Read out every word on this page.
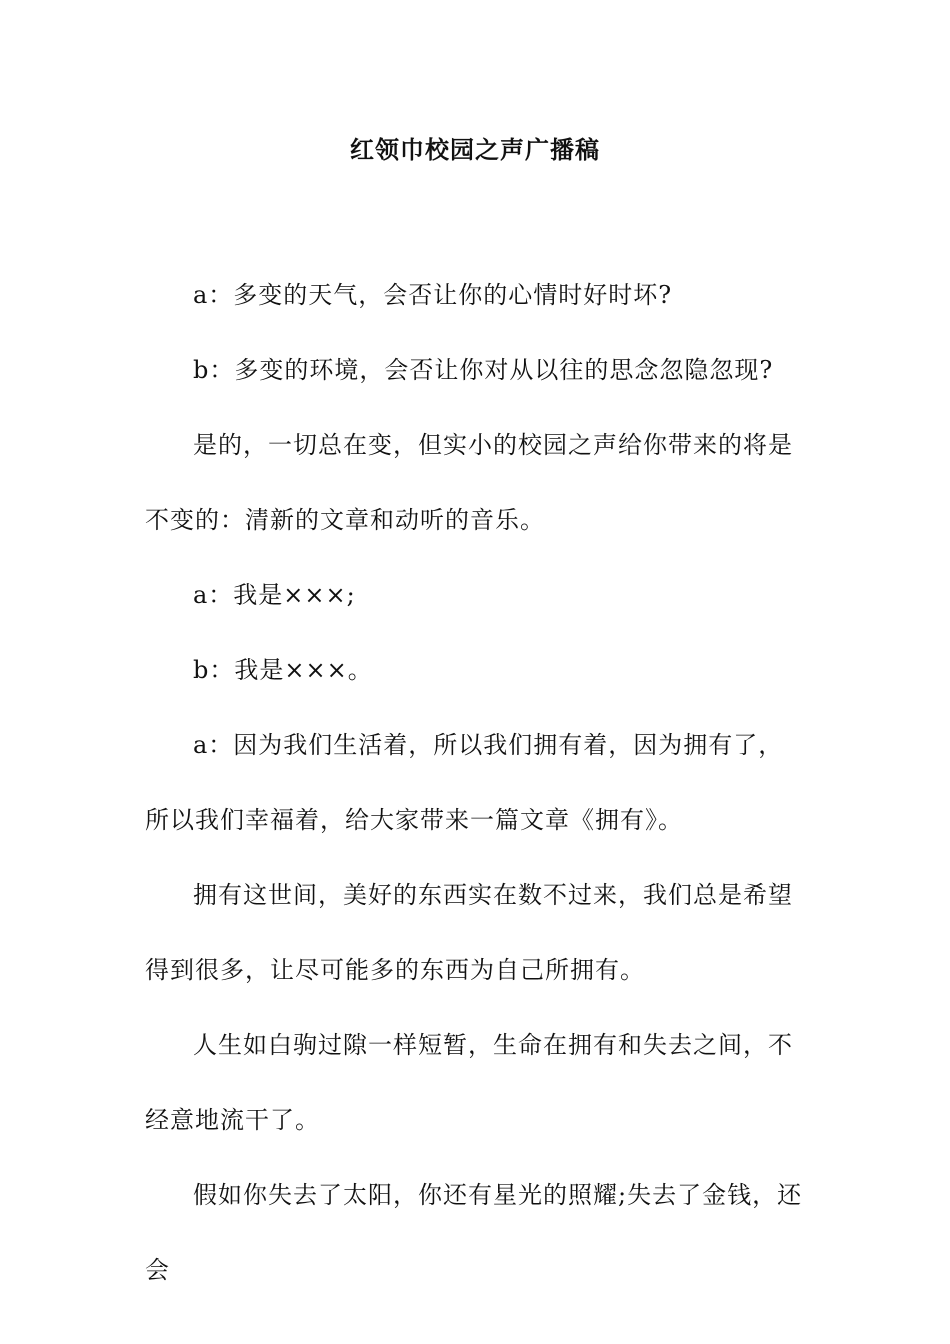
红领巾校园之声广播稿

a：多变的天气，会否让你的心情时好时坏?

b：多变的环境，会否让你对从以往的思念忽隐忽现?

是的，一切总在变，但实小的校园之声给你带来的将是不变的：清新的文章和动听的音乐。

a：我是×××;

b：我是×××。

a：因为我们生活着，所以我们拥有着，因为拥有了，所以我们幸福着，给大家带来一篇文章《拥有》。

拥有这世间，美好的东西实在数不过来，我们总是希望得到很多，让尽可能多的东西为自己所拥有。

人生如白驹过隙一样短暂，生命在拥有和失去之间，不经意地流干了。

假如你失去了太阳，你还有星光的照耀;失去了金钱，还会
